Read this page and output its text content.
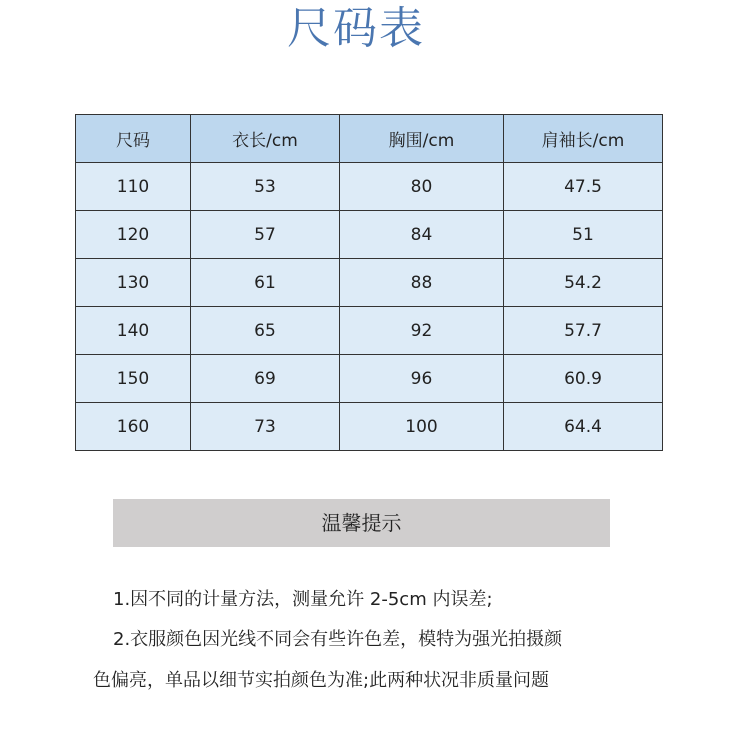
尺码表
尺码	衣长/cm	胸围/cm	肩袖长/cm
110	53	80	47.5
120	57	84	51
130	61	88	54.2
140	65	92	57.7
150	69	96	60.9
160	73	100	64.4
温馨提示
1.因不同的计量方法，测量允许 2-5cm 内误差;
2.衣服颜色因光线不同会有些许色差，模特为强光拍摄颜
色偏亮，单品以细节实拍颜色为准;此两种状况非质量问题
